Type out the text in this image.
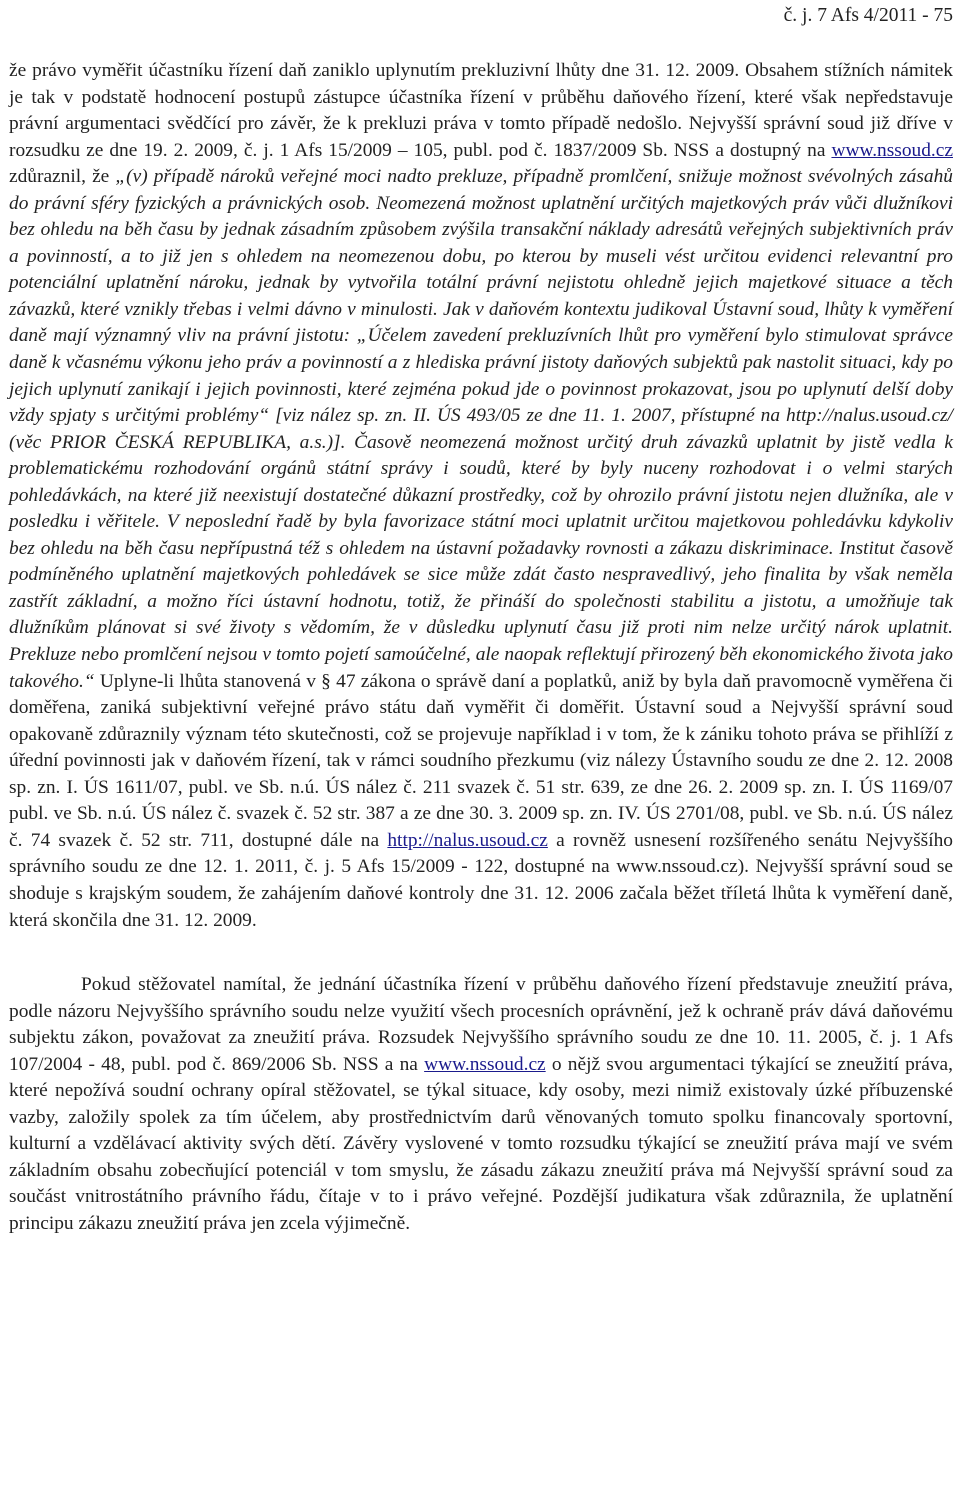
č. j. 7 Afs 4/2011 - 75

že právo vyměřit účastníku řízení daň zaniklo uplynutím prekluzivní lhůty dne 31. 12. 2009. Obsahem stížních námitek je tak v podstatě hodnocení postupů zástupce účastníka řízení v průběhu daňového řízení, které však nepředstavuje právní argumentaci svědčící pro závěr, že k prekluzi práva v tomto případě nedošlo. Nejvyšší správní soud již dříve v rozsudku ze dne 19. 2. 2009, č. j. 1 Afs 15/2009 – 105, publ. pod č. 1837/2009 Sb. NSS a dostupný na www.nssoud.cz zdůraznil, že „(v) případě nároků veřejné moci nadto prekluze, případně promlčení, snižuje možnost svévolných zásahů do právní sféry fyzických a právnických osob. Neomezená možnost uplatnění určitých majetkových práv vůči dlužníkovi bez ohledu na běh času by jednak zásadním způsobem zvýšila transakční náklady adresátů veřejných subjektivních práv a povinností, a to již jen s ohledem na neomezenou dobu, po kterou by museli vést určitou evidenci relevantní pro potenciální uplatnění nároku, jednak by vytvořila totální právní nejistotu ohledně jejich majetkové situace a těch závazků, které vznikly třebas i velmi dávno v minulosti. Jak v daňovém kontextu judikoval Ústavní soud, lhůty k vyměření daně mají významný vliv na právní jistotu: „Účelem zavedení prekluzívních lhůt pro vyměření bylo stimulovat správce daně k včasnému výkonu jeho práv a povinností a z hlediska právní jistoty daňových subjektů pak nastolit situaci, kdy po jejich uplynutí zanikají i jejich povinnosti, které zejména pokud jde o povinnost prokazovat, jsou po uplynutí delší doby vždy spjaty s určitými problémy“ [viz nález sp. zn. II. ÚS 493/05 ze dne 11. 1. 2007, přístupné na http://nalus.usoud.cz/ (věc PRIOR ČESKÁ REPUBLIKA, a.s.)]. Časově neomezená možnost určitý druh závazků uplatnit by jistě vedla k problematickému rozhodování orgánů státní správy i soudů, které by byly nuceny rozhodovat i o velmi starých pohledávkách, na které již neexistují dostatečné důkazní prostředky, což by ohrozilo právní jistotu nejen dlužníka, ale v posledku i věřitele. V neposlední řadě by byla favorizace státní moci uplatnit určitou majetkovou pohledávku kdykoliv bez ohledu na běh času nepřípustná též s ohledem na ústavní požadavky rovnosti a zákazu diskriminace. Institut časově podmíněného uplatnění majetkových pohledávek se sice může zdát často nespravedlivý, jeho finalita by však neměla zastřít základní, a možno říci ústavní hodnotu, totiž, že přináší do společnosti stabilitu a jistotu, a umožňuje tak dlužníkům plánovat si své životy s vědomím, že v důsledku uplynutí času již proti nim nelze určitý nárok uplatnit. Prekluze nebo promlčení nejsou v tomto pojetí samoúčelné, ale naopak reflektují přirozený běh ekonomického života jako takového.“ Uplyne-li lhůta stanovená v § 47 zákona o správě daní a poplatků, aniž by byla daň pravomocně vyměřena či doměřena, zaniká subjektivní veřejné právo státu daň vyměřit či doměřit. Ústavní soud a Nejvyšší správní soud opakovaně zdůraznily význam této skutečnosti, což se projevuje například i v tom, že k zániku tohoto práva se přihlíží z úřední povinnosti jak v daňovém řízení, tak v rámci soudního přezkumu (viz nálezy Ústavního soudu ze dne 2. 12. 2008 sp. zn. I. ÚS 1611/07, publ. ve Sb. n.ú. ÚS nález č. 211 svazek č. 51 str. 639, ze dne 26. 2. 2009 sp. zn. I. ÚS 1169/07 publ. ve Sb. n.ú. ÚS nález č. svazek č. 52 str. 387 a ze dne 30. 3. 2009 sp. zn. IV. ÚS 2701/08, publ. ve Sb. n.ú. ÚS nález č. 74 svazek č. 52 str. 711, dostupné dále na http://nalus.usoud.cz a rovněž usnesení rozšířeného senátu Nejvyššího správního soudu ze dne 12. 1. 2011, č. j. 5 Afs 15/2009 - 122, dostupné na www.nssoud.cz). Nejvyšší správní soud se shoduje s krajským soudem, že zahájením daňové kontroly dne 31. 12. 2006 začala běžet tříletá lhůta k vyměření daně, která skončila dne 31. 12. 2009.

Pokud stěžovatel namítal, že jednání účastníka řízení v průběhu daňového řízení představuje zneužití práva, podle názoru Nejvyššího správního soudu nelze využití všech procesních oprávnění, jež k ochraně práv dává daňovému subjektu zákon, považovat za zneužití práva. Rozsudek Nejvyššího správního soudu ze dne 10. 11. 2005, č. j. 1 Afs 107/2004 - 48, publ. pod č. 869/2006 Sb. NSS a na www.nssoud.cz o nějž svou argumentaci týkající se zneužití práva, které nepožívá soudní ochrany opíral stěžovatel, se týkal situace, kdy osoby, mezi nimiž existovaly úzké příbuzenské vazby, založily spolek za tím účelem, aby prostřednictvím darů věnovaných tomuto spolku financovaly sportovní, kulturní a vzdělávací aktivity svých dětí. Závěry vyslovené v tomto rozsudku týkající se zneužití práva mají ve svém základním obsahu zobecňující potenciál v tom smyslu, že zásadu zákazu zneužití práva má Nejvyšší správní soud za součást vnitrostátního právního řádu, čítaje v to i právo veřejné. Pozdější judikatura však zdůraznila, že uplatnění principu zákazu zneužití práva jen zcela výjimečně.
